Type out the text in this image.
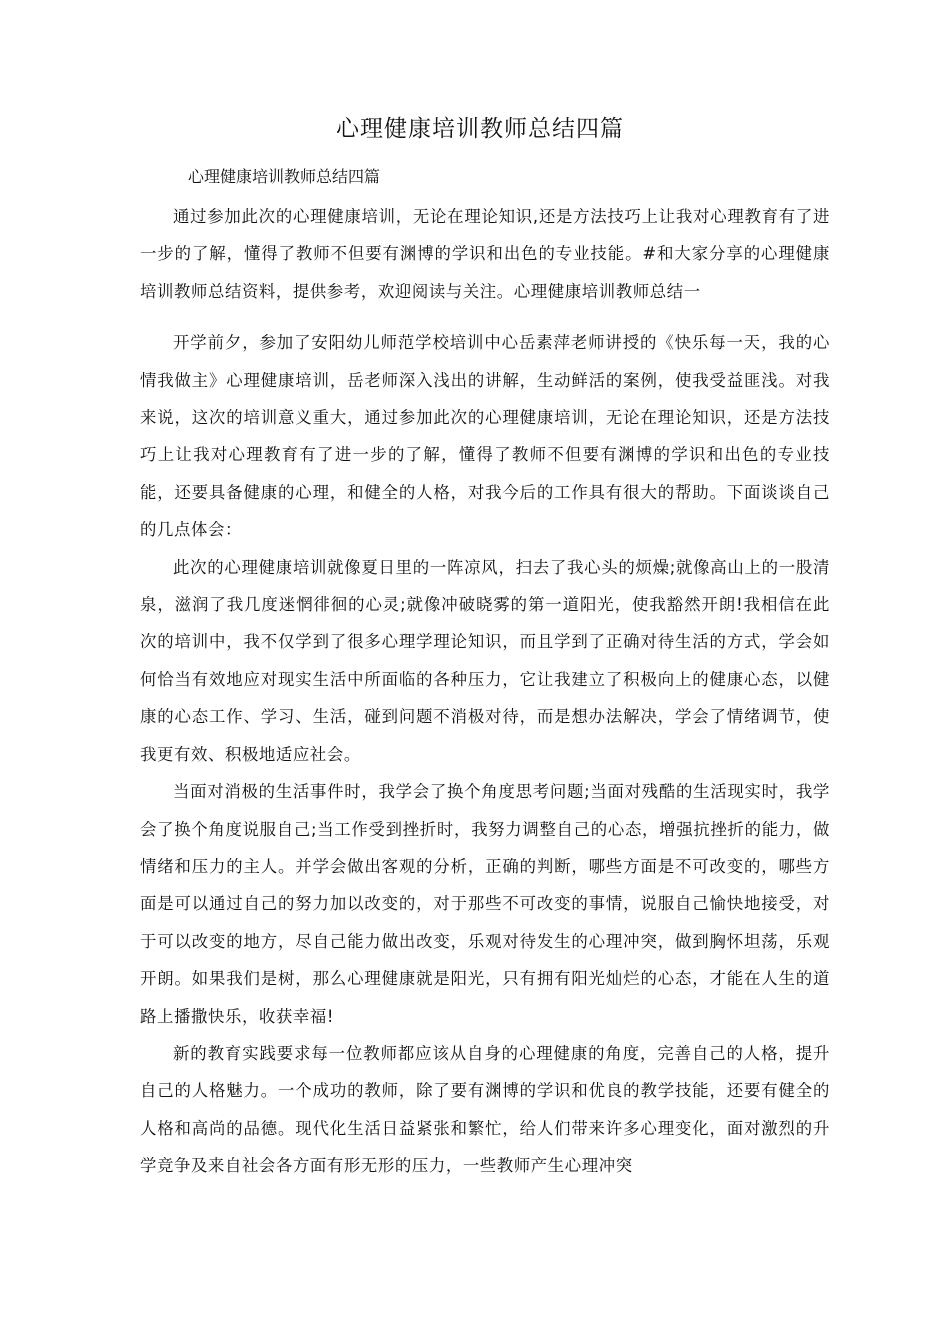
心理健康培训教师总结四篇
心理健康培训教师总结四篇

通过参加此次的心理健康培训，无论在理论知识,还是方法技巧上让我对心理教育有了进一步的了解，懂得了教师不但要有渊博的学识和出色的专业技能。#和大家分享的心理健康培训教师总结资料，提供参考，欢迎阅读与关注。心理健康培训教师总结一

开学前夕，参加了安阳幼儿师范学校培训中心岳素萍老师讲授的《快乐每一天，我的心情我做主》心理健康培训，岳老师深入浅出的讲解，生动鲜活的案例，使我受益匪浅。对我来说，这次的培训意义重大，通过参加此次的心理健康培训，无论在理论知识，还是方法技巧上让我对心理教育有了进一步的了解，懂得了教师不但要有渊博的学识和出色的专业技能，还要具备健康的心理，和健全的人格，对我今后的工作具有很大的帮助。下面谈谈自己的几点体会：

此次的心理健康培训就像夏日里的一阵凉风，扫去了我心头的烦燥;就像高山上的一股清泉，滋润了我几度迷惘徘徊的心灵;就像冲破晓雾的第一道阳光，使我豁然开朗!我相信在此次的培训中，我不仅学到了很多心理学理论知识，而且学到了正确对待生活的方式，学会如何恰当有效地应对现实生活中所面临的各种压力，它让我建立了积极向上的健康心态，以健康的心态工作、学习、生活，碰到问题不消极对待，而是想办法解决，学会了情绪调节，使我更有效、积极地适应社会。

当面对消极的生活事件时，我学会了换个角度思考问题;当面对残酷的生活现实时，我学会了换个角度说服自己;当工作受到挫折时，我努力调整自己的心态，增强抗挫折的能力，做情绪和压力的主人。并学会做出客观的分析，正确的判断，哪些方面是不可改变的，哪些方面是可以通过自己的努力加以改变的，对于那些不可改变的事情，说服自己愉快地接受，对于可以改变的地方，尽自己能力做出改变，乐观对待发生的心理冲突，做到胸怀坦荡，乐观开朗。如果我们是树，那么心理健康就是阳光，只有拥有阳光灿烂的心态，才能在人生的道路上播撒快乐，收获幸福!

新的教育实践要求每一位教师都应该从自身的心理健康的角度，完善自己的人格，提升自己的人格魅力。一个成功的教师，除了要有渊博的学识和优良的教学技能，还要有健全的人格和高尚的品德。现代化生活日益紧张和繁忙，给人们带来许多心理变化，面对激烈的升学竞争及来自社会各方面有形无形的压力，一些教师产生心理冲突
